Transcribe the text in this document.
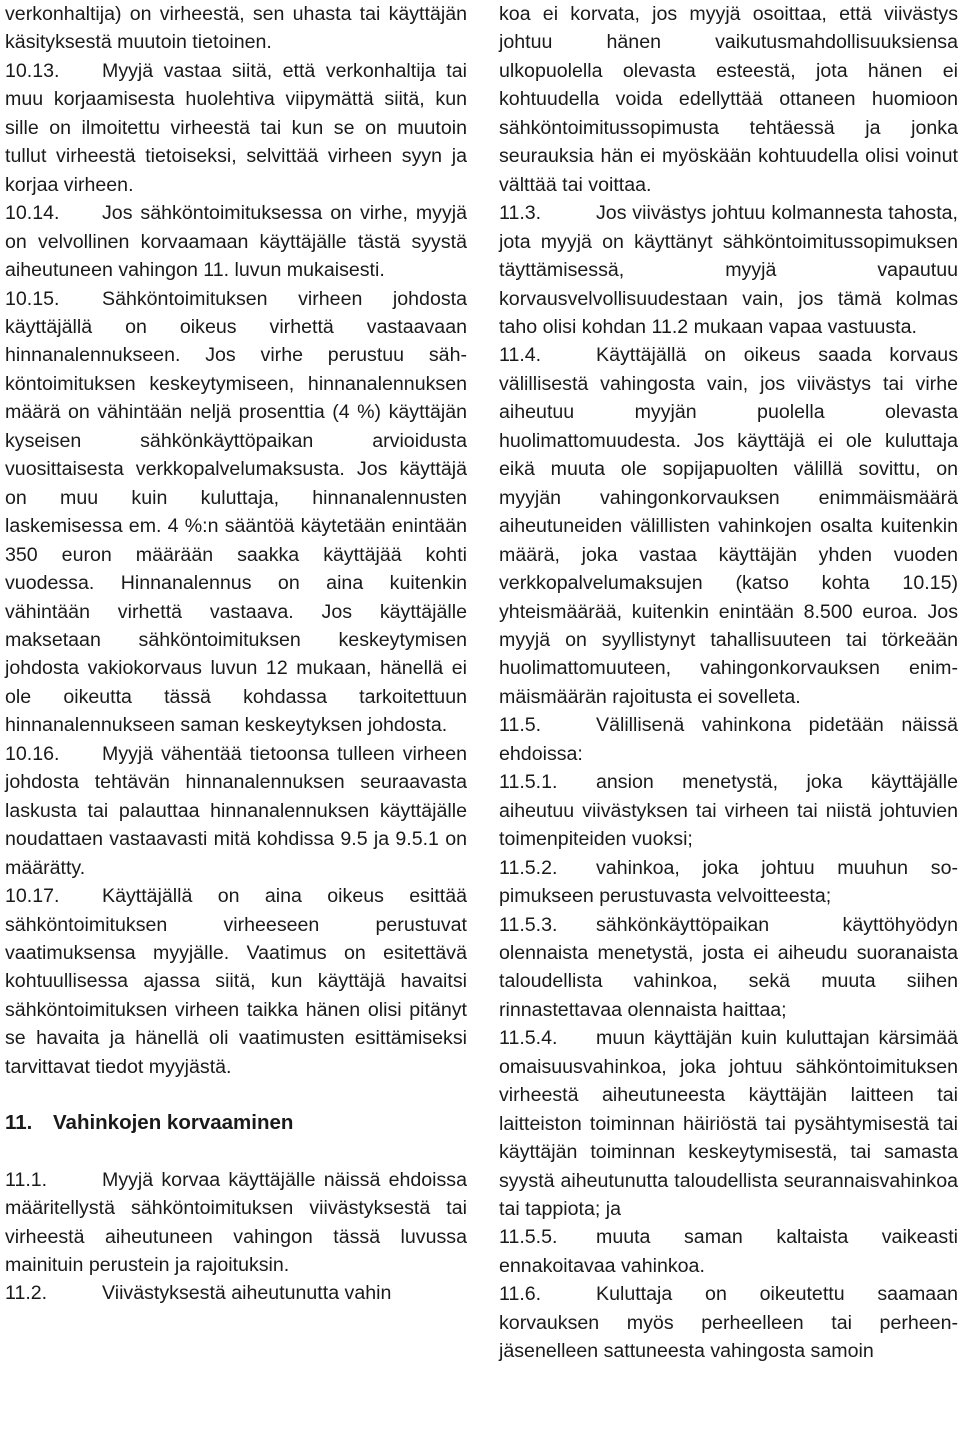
verkonhaltija) on virheestä, sen uhasta tai käyttäjän käsityksestä muutoin tietoinen.

10.13. Myyjä vastaa siitä, että verkonhaltija tai muu korjaamisesta huolehtiva viipymättä siitä, kun sille on ilmoitettu virheestä tai kun se on muutoin tullut virheestä tietoiseksi, selvittää virheen syyn ja korjaa virheen.

10.14. Jos sähköntoimituksessa on virhe, myyjä on velvollinen korvaamaan käyttäjälle tästä syystä aiheutuneen vahingon 11. luvun mukaisesti.

10.15. Sähköntoimituksen virheen johdosta käyttäjällä on oikeus virhettä vastaavaan hinnanalennukseen. Jos virhe perustuu sähköntoimituksen keskeytymiseen, hinnanalennuksen määrä on vähintään neljä prosenttia (4 %) käyttäjän kyseisen sähkönkäyttöpaikan arvioidusta vuosittaisesta verkkopalvelumaksusta. Jos käyttäjä on muu kuin kuluttaja, hinnanalennusten laskemisessa em. 4 %:n sääntöä käytetään enintään 350 euron määrään saakka käyttäjää kohti vuodessa. Hinnanalennus on aina kuitenkin vähintään virhettä vastaava. Jos käyttäjälle maksetaan sähköntoimituksen keskeytymisen johdosta vakiokorvaus luvun 12 mukaan, hänellä ei ole oikeutta tässä kohdassa tarkoitettuun hinnanalennukseen saman keskeytyksen johdosta.

10.16. Myyjä vähentää tietoonsa tulleen virheen johdosta tehtävän hinnanalennuksen seuraavasta laskusta tai palauttaa hinnanalennuksen käyttäjälle noudattaen vastaavasti mitä kohdissa 9.5 ja 9.5.1 on määrätty.

10.17. Käyttäjällä on aina oikeus esittää sähköntoimituksen virheeseen perustuvat vaatimuksensa myyjälle. Vaatimus on esitettävä kohtuullisessa ajassa siitä, kun käyttäjä havaitsi sähköntoimituksen virheen taikka hänen olisi pitänyt se havaita ja hänellä oli vaatimusten esittämiseksi tarvittavat tiedot myyjästä.

11. Vahinkojen korvaaminen

11.1.	Myyjä korvaa käyttäjälle näissä ehdoissa määritellystä sähköntoimituksen viivästyksestä tai virheestä aiheutuneen vahingon tässä luvussa mainituin perustein ja rajoituksin.

11.2.	Viivästyksestä aiheutunutta vahin

koa ei korvata, jos myyjä osoittaa, että viivästys johtuu hänen vaikutusmahdollisuuksiensa ulkopuolella olevasta esteestä, jota hänen ei kohtuudella voida edellyttää ottaneen huomioon sähköntoimitussopimusta tehtäessä ja jonka seurauksia hän ei myöskään kohtuudella olisi voinut välttää tai voittaa.

11.3.	Jos viivästys johtuu kolmannesta tahosta, jota myyjä on käyttänyt sähköntoimitussopimuksen täyttämisessä, myyjä vapautuu korvausvelvollisuudestaan vain, jos tämä kolmas taho olisi kohdan 11.2 mukaan vapaa vastuusta.

11.4.	Käyttäjällä on oikeus saada korvaus välillisestä vahingosta vain, jos viivästys tai virhe aiheutuu myyjän puolella olevasta huolimattomuudesta. Jos käyttäjä ei ole kuluttaja eikä muuta ole sopijapuolten välillä sovittu, on myyjän vahingonkorvauksen enimmäismäärä aiheutuneiden välillisten vahinkojen osalta kuitenkin määrä, joka vastaa käyttäjän yhden vuoden verkkopalvelumaksujen (katso kohta 10.15) yhteismäärää, kuitenkin enintään 8.500 euroa. Jos myyjä on syyllistynyt tahallisuuteen tai törkeään huolimattomuuteen, vahingonkorvauksen enimmäismäärän rajoitusta ei sovelleta.

11.5.	Välillisenä vahinkona pidetään näissä ehdoissa:

11.5.1. ansion menetystä, joka käyttäjälle aiheutuu viivästyksen tai virheen tai niistä johtuvien toimenpiteiden vuoksi;

11.5.2. vahinkoa, joka johtuu muuhun sopimukseen perustuvasta velvoitteesta;

11.5.3. sähkönkäyttöpaikan käyttöhyödyn olennaista menetystä, josta ei aiheudu suoranaista taloudellista vahinkoa, sekä muuta siihen rinnastettavaa olennaista haittaa;

11.5.4. muun käyttäjän kuin kuluttajan kärsimää omaisuusvahinkoa, joka johtuu sähköntoimituksen virheestä aiheutuneesta käyttäjän laitteen tai laitteiston toiminnan häiriöstä tai pysähtymisestä tai käyttäjän toiminnan keskeytymisestä, tai samasta syystä aiheutunutta taloudellista seurannaisvahinkoa tai tappiota; ja

11.5.5. muuta saman kaltaista vaikeasti ennakoitavaa vahinkoa.

11.6.	Kuluttaja on oikeutettu saamaan korvauksen myös perheelleen tai perheenjäsenelleen sattuneesta vahingosta samoin
